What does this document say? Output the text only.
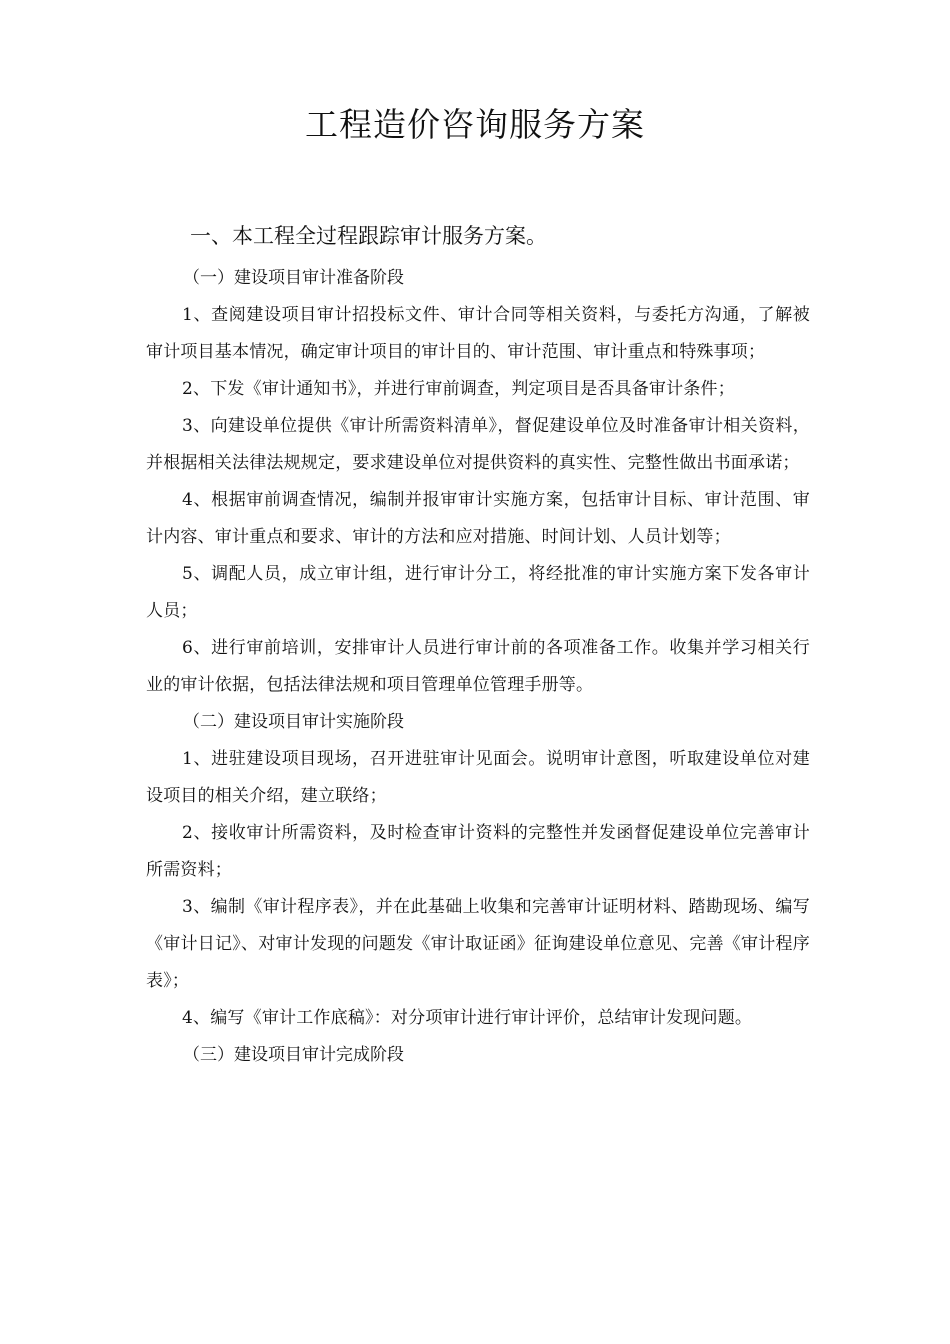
工程造价咨询服务方案
一、本工程全过程跟踪审计服务方案。

（一）建设项目审计准备阶段

1、查阅建设项目审计招投标文件、审计合同等相关资料，与委托方沟通，了解被审计项目基本情况，确定审计项目的审计目的、审计范围、审计重点和特殊事项；

2、下发《审计通知书》，并进行审前调查，判定项目是否具备审计条件；

3、向建设单位提供《审计所需资料清单》，督促建设单位及时准备审计相关资料，并根据相关法律法规规定，要求建设单位对提供资料的真实性、完整性做出书面承诺；

4、根据审前调查情况，编制并报审审计实施方案，包括审计目标、审计范围、审计内容、审计重点和要求、审计的方法和应对措施、时间计划、人员计划等；

5、调配人员，成立审计组，进行审计分工，将经批准的审计实施方案下发各审计人员；

6、进行审前培训，安排审计人员进行审计前的各项准备工作。收集并学习相关行业的审计依据，包括法律法规和项目管理单位管理手册等。

（二）建设项目审计实施阶段

1、进驻建设项目现场，召开进驻审计见面会。说明审计意图，听取建设单位对建设项目的相关介绍，建立联络；

2、接收审计所需资料，及时检查审计资料的完整性并发函督促建设单位完善审计所需资料；

3、编制《审计程序表》，并在此基础上收集和完善审计证明材料、踏勘现场、编写《审计日记》、对审计发现的问题发《审计取证函》征询建设单位意见、完善《审计程序表》；

4、编写《审计工作底稿》：对分项审计进行审计评价，总结审计发现问题。

（三）建设项目审计完成阶段
